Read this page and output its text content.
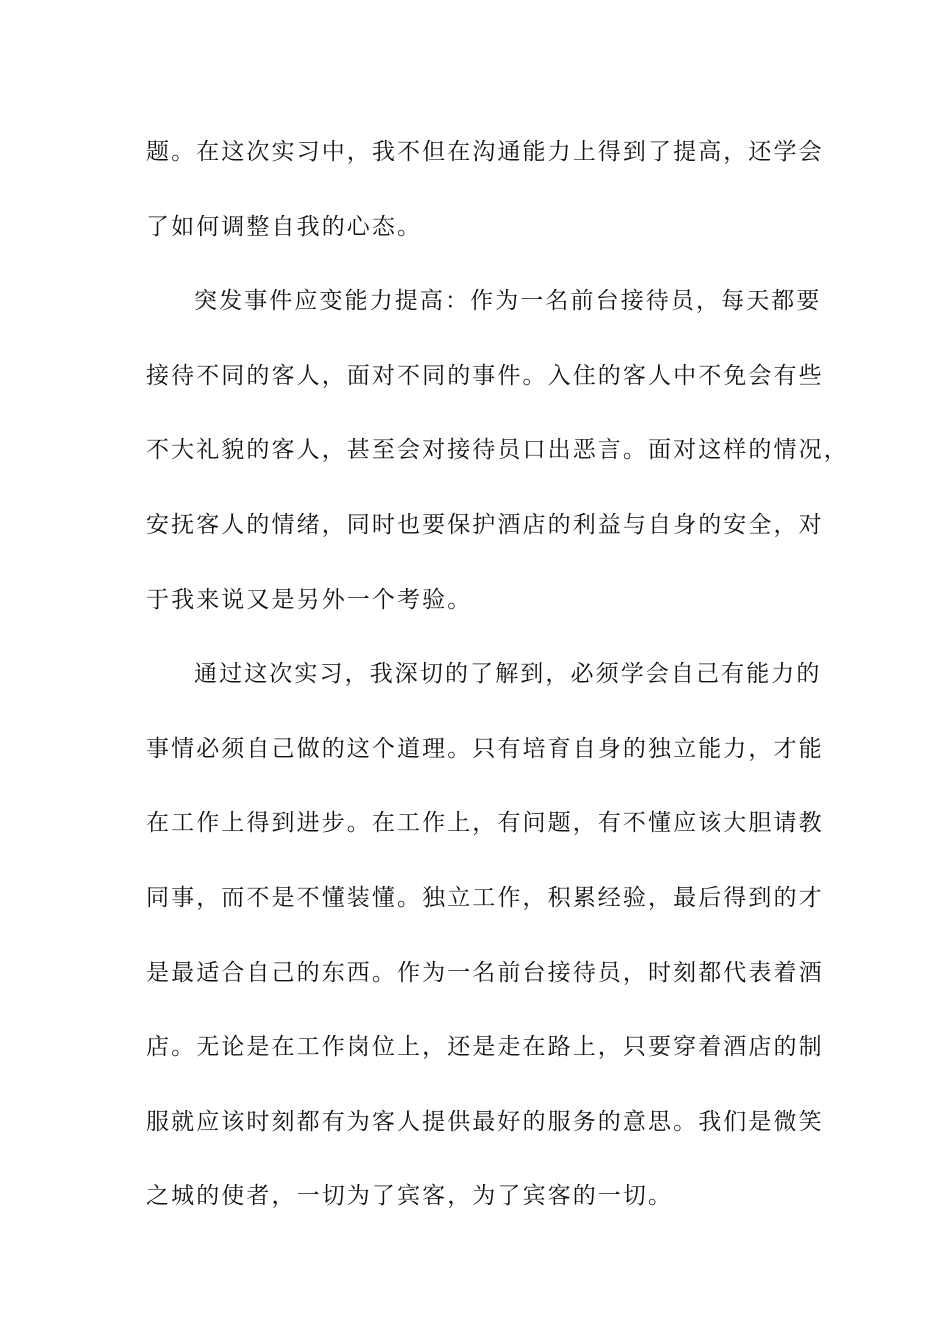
题。在这次实习中，我不但在沟通能力上得到了提高，还学会
了如何调整自我的心态。
突发事件应变能力提高：作为一名前台接待员，每天都要
接待不同的客人，面对不同的事件。入住的客人中不免会有些
不大礼貌的客人，甚至会对接待员口出恶言。面对这样的情况，
安抚客人的情绪，同时也要保护酒店的利益与自身的安全，对
于我来说又是另外一个考验。
通过这次实习，我深切的了解到，必须学会自己有能力的
事情必须自己做的这个道理。只有培育自身的独立能力，才能
在工作上得到进步。在工作上，有问题，有不懂应该大胆请教
同事，而不是不懂装懂。独立工作，积累经验，最后得到的才
是最适合自己的东西。作为一名前台接待员，时刻都代表着酒
店。无论是在工作岗位上，还是走在路上，只要穿着酒店的制
服就应该时刻都有为客人提供最好的服务的意思。我们是微笑
之城的使者，一切为了宾客，为了宾客的一切。
